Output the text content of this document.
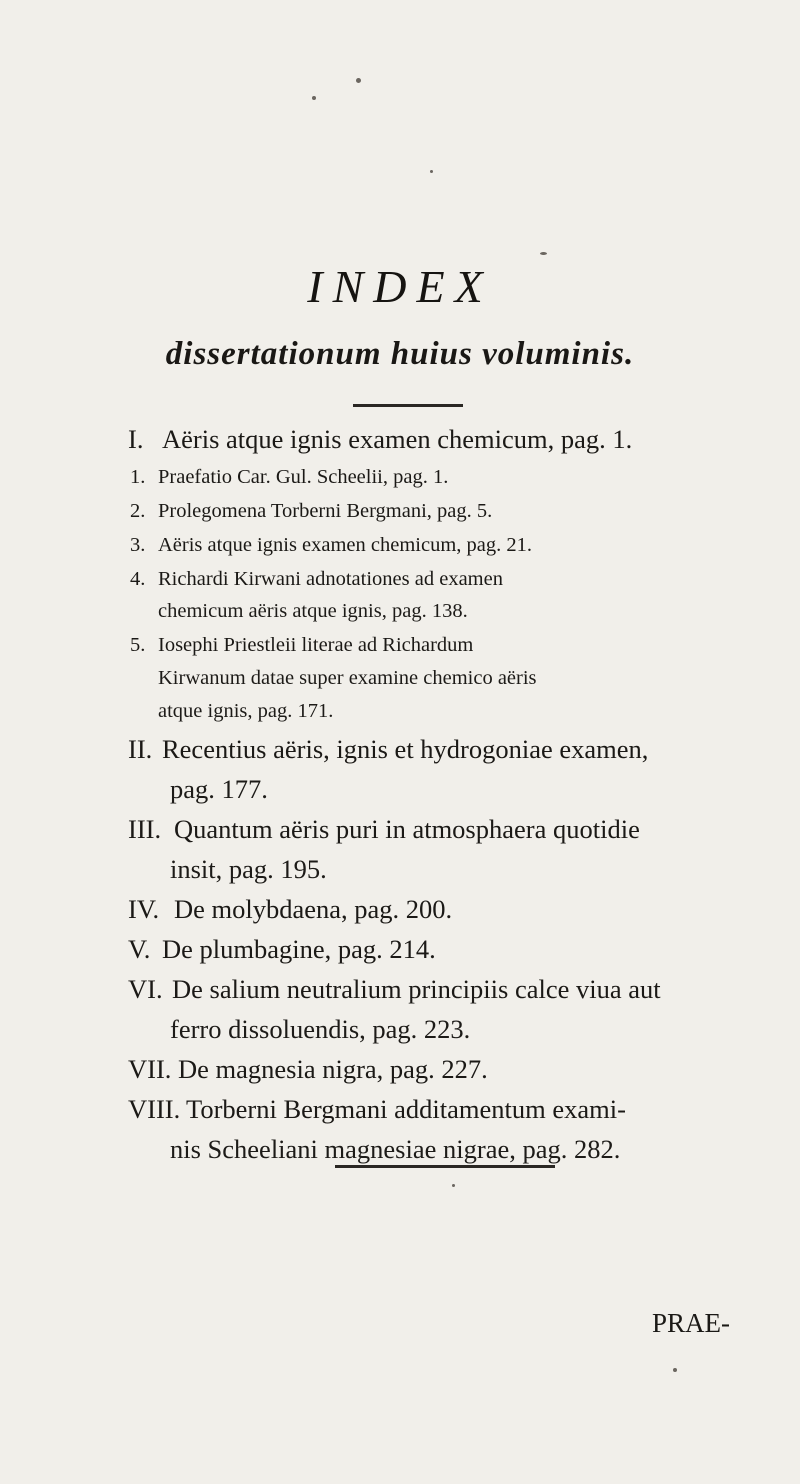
INDEX
dissertationum huius voluminis.
I. Aëris atque ignis examen chemicum, pag. 1.
1. Praefatio Car. Gul. Scheelii, pag. 1.
2. Prolegomena Torberni Bergmani, pag. 5.
3. Aëris atque ignis examen chemicum, pag. 21.
4. Richardi Kirwani adnotationes ad examen
chemicum aëris atque ignis, pag. 138.
5. Iosephi Priestleii literae ad Richardum
Kirwanum datae super examine chemico aëris
atque ignis, pag. 171.
II. Recentius aëris, ignis et hydrogoniae examen,
pag. 177.
III. Quantum aëris puri in atmosphaera quotidie
insit, pag. 195.
IV. De molybdaena, pag. 200.
V. De plumbagine, pag. 214.
VI. De salium neutralium principiis calce viua aut
ferro dissoluendis, pag. 223.
VII. De magnesia nigra, pag. 227.
VIII. Torberni Bergmani additamentum exami-
nis Scheeliani magnesiae nigrae, pag. 282.
PRAE-
